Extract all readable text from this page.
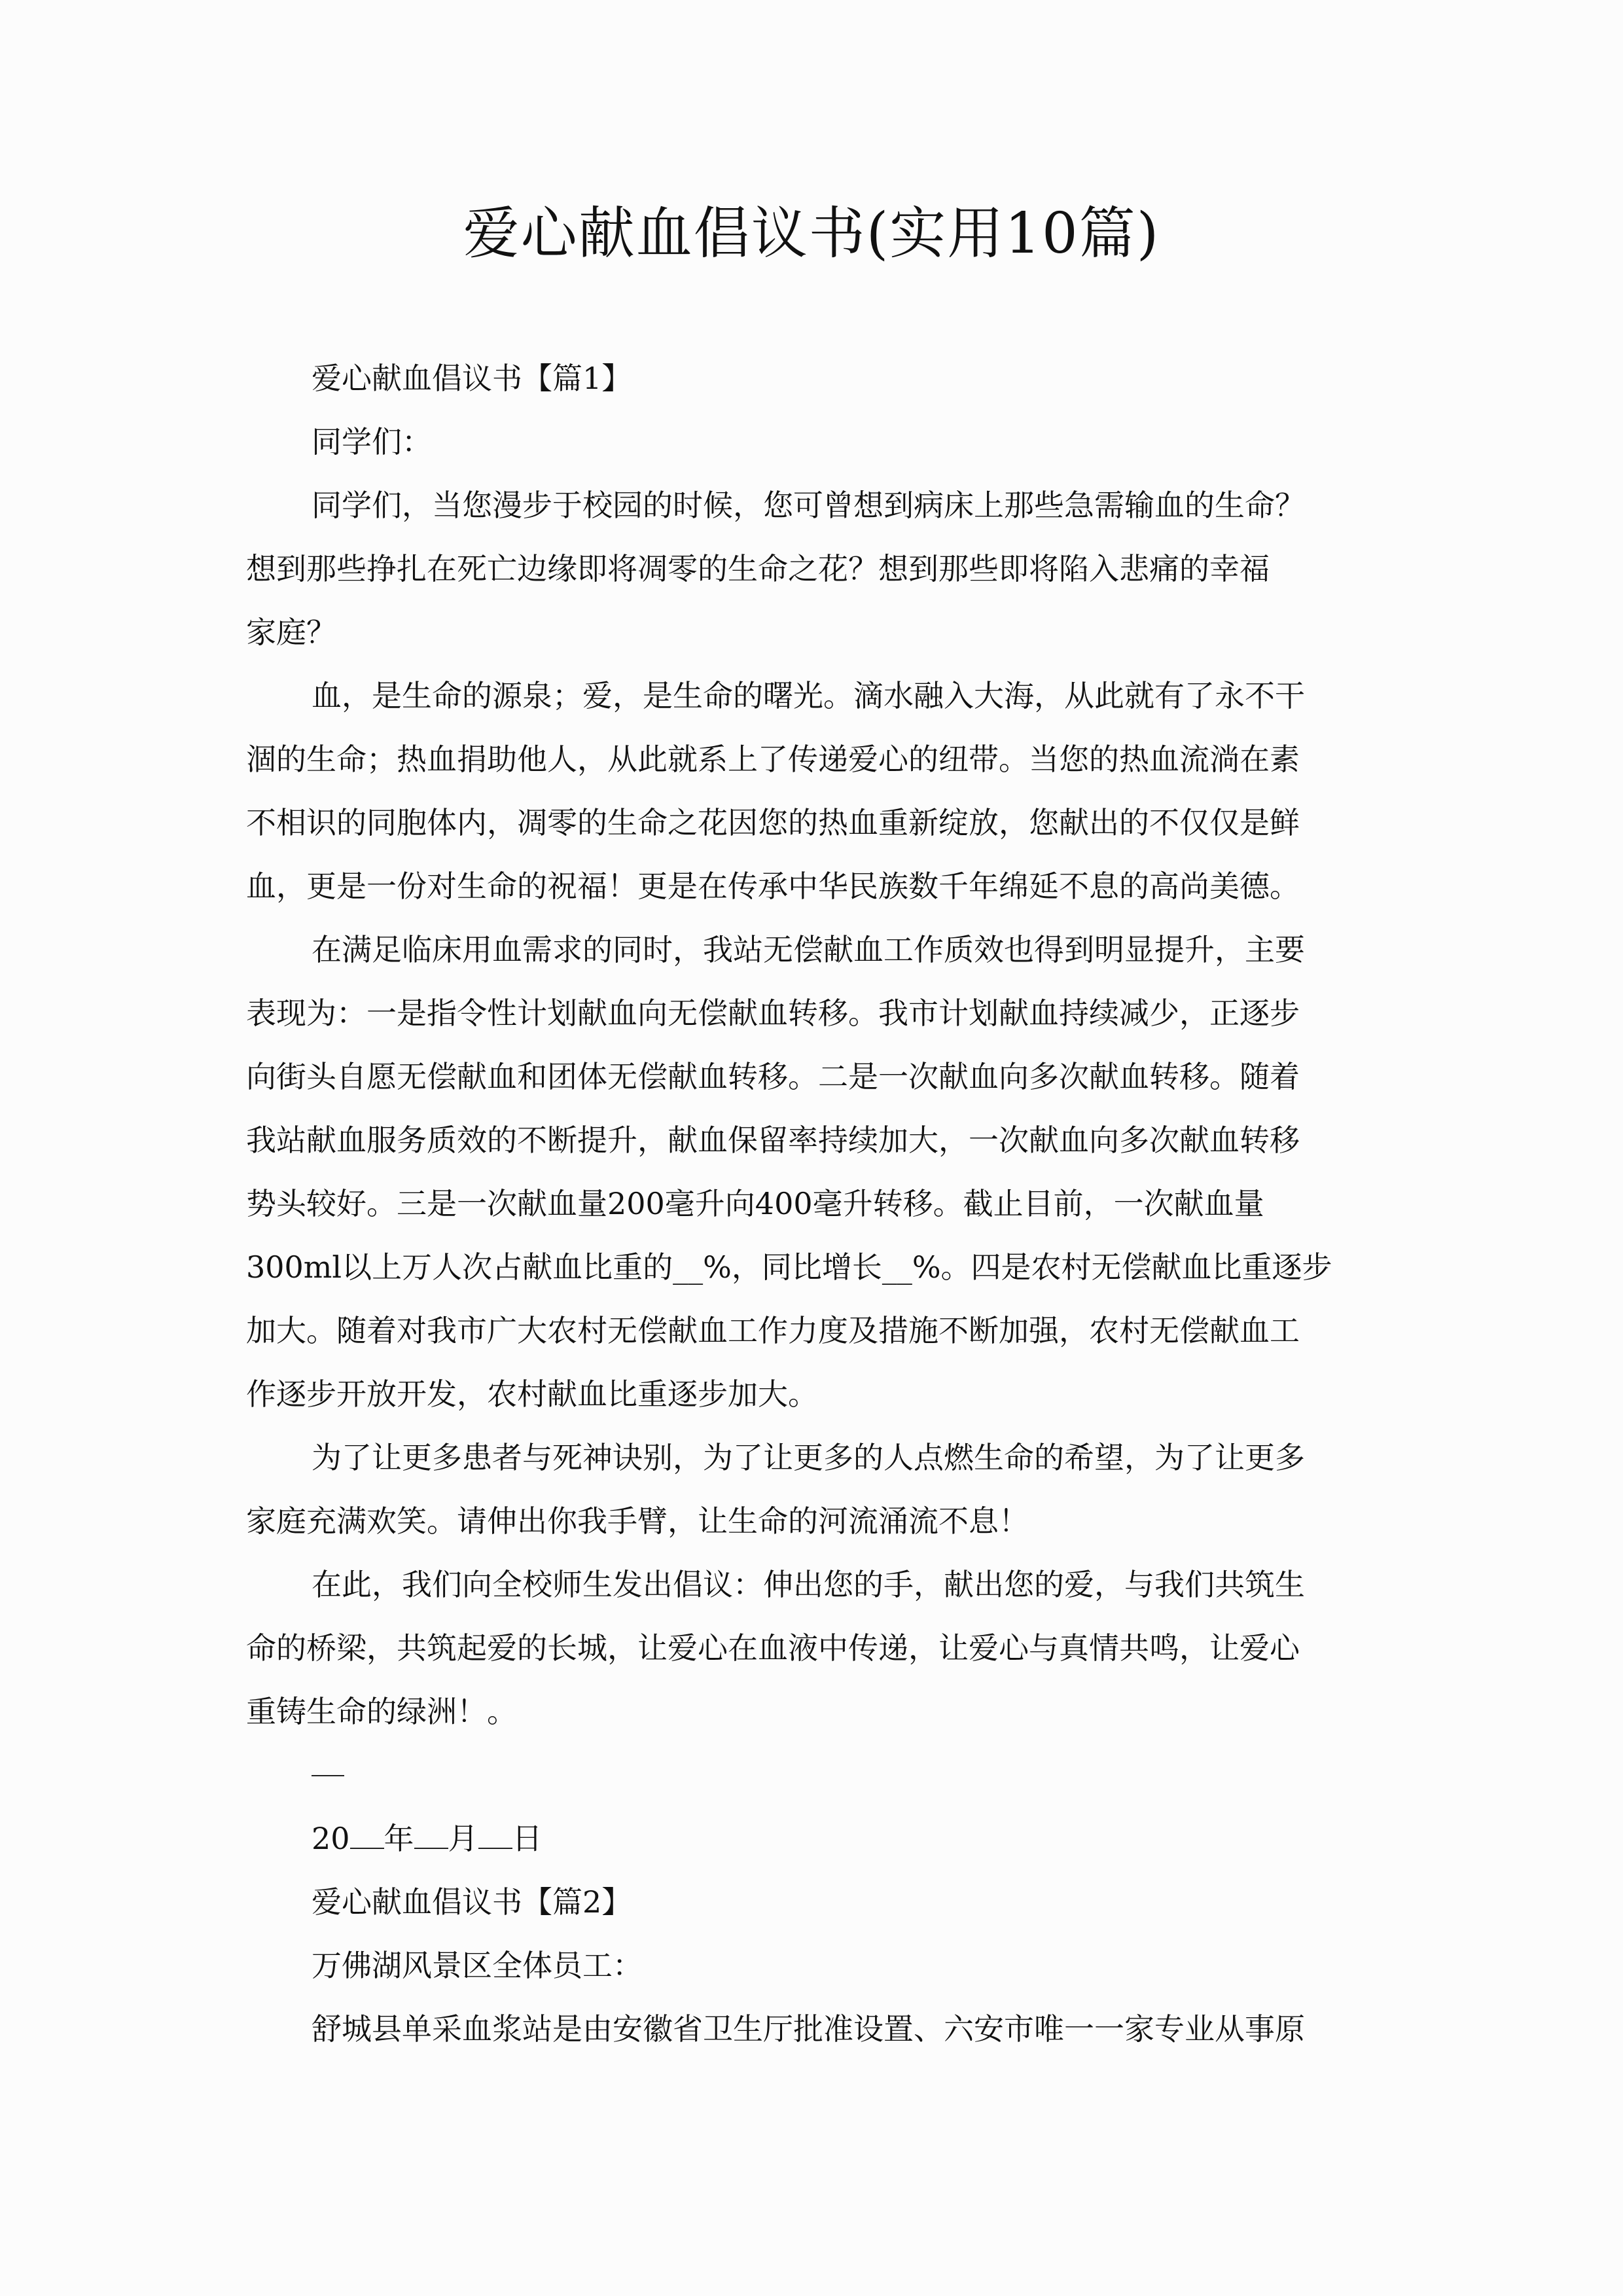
爱心献血倡议书(实用10篇)
爱心献血倡议书【篇1】
同学们：
同学们，当您漫步于校园的时候，您可曾想到病床上那些急需输血的生命？
想到那些挣扎在死亡边缘即将凋零的生命之花？想到那些即将陷入悲痛的幸福
家庭？
血，是生命的源泉；爱，是生命的曙光。滴水融入大海，从此就有了永不干
涸的生命；热血捐助他人，从此就系上了传递爱心的纽带。当您的热血流淌在素
不相识的同胞体内，凋零的生命之花因您的热血重新绽放，您献出的不仅仅是鲜
血，更是一份对生命的祝福！更是在传承中华民族数千年绵延不息的高尚美德。
在满足临床用血需求的同时，我站无偿献血工作质效也得到明显提升，主要
表现为：一是指令性计划献血向无偿献血转移。我市计划献血持续减少，正逐步
向街头自愿无偿献血和团体无偿献血转移。二是一次献血向多次献血转移。随着
我站献血服务质效的不断提升，献血保留率持续加大，一次献血向多次献血转移
势头较好。三是一次献血量200毫升向400毫升转移。截止目前，一次献血量
300ml以上万人次占献血比重的__%，同比增长__%。四是农村无偿献血比重逐步
加大。随着对我市广大农村无偿献血工作力度及措施不断加强，农村无偿献血工
作逐步开放开发，农村献血比重逐步加大。
为了让更多患者与死神诀别，为了让更多的人点燃生命的希望，为了让更多
家庭充满欢笑。请伸出你我手臂，让生命的河流涌流不息！
在此，我们向全校师生发出倡议：伸出您的手，献出您的爱，与我们共筑生
命的桥梁，共筑起爱的长城，让爱心在血液中传递，让爱心与真情共鸣，让爱心
重铸生命的绿洲！。
20 年 月 日
爱心献血倡议书【篇2】
万佛湖风景区全体员工：
舒城县单采血浆站是由安徽省卫生厅批准设置、六安市唯一一家专业从事原
